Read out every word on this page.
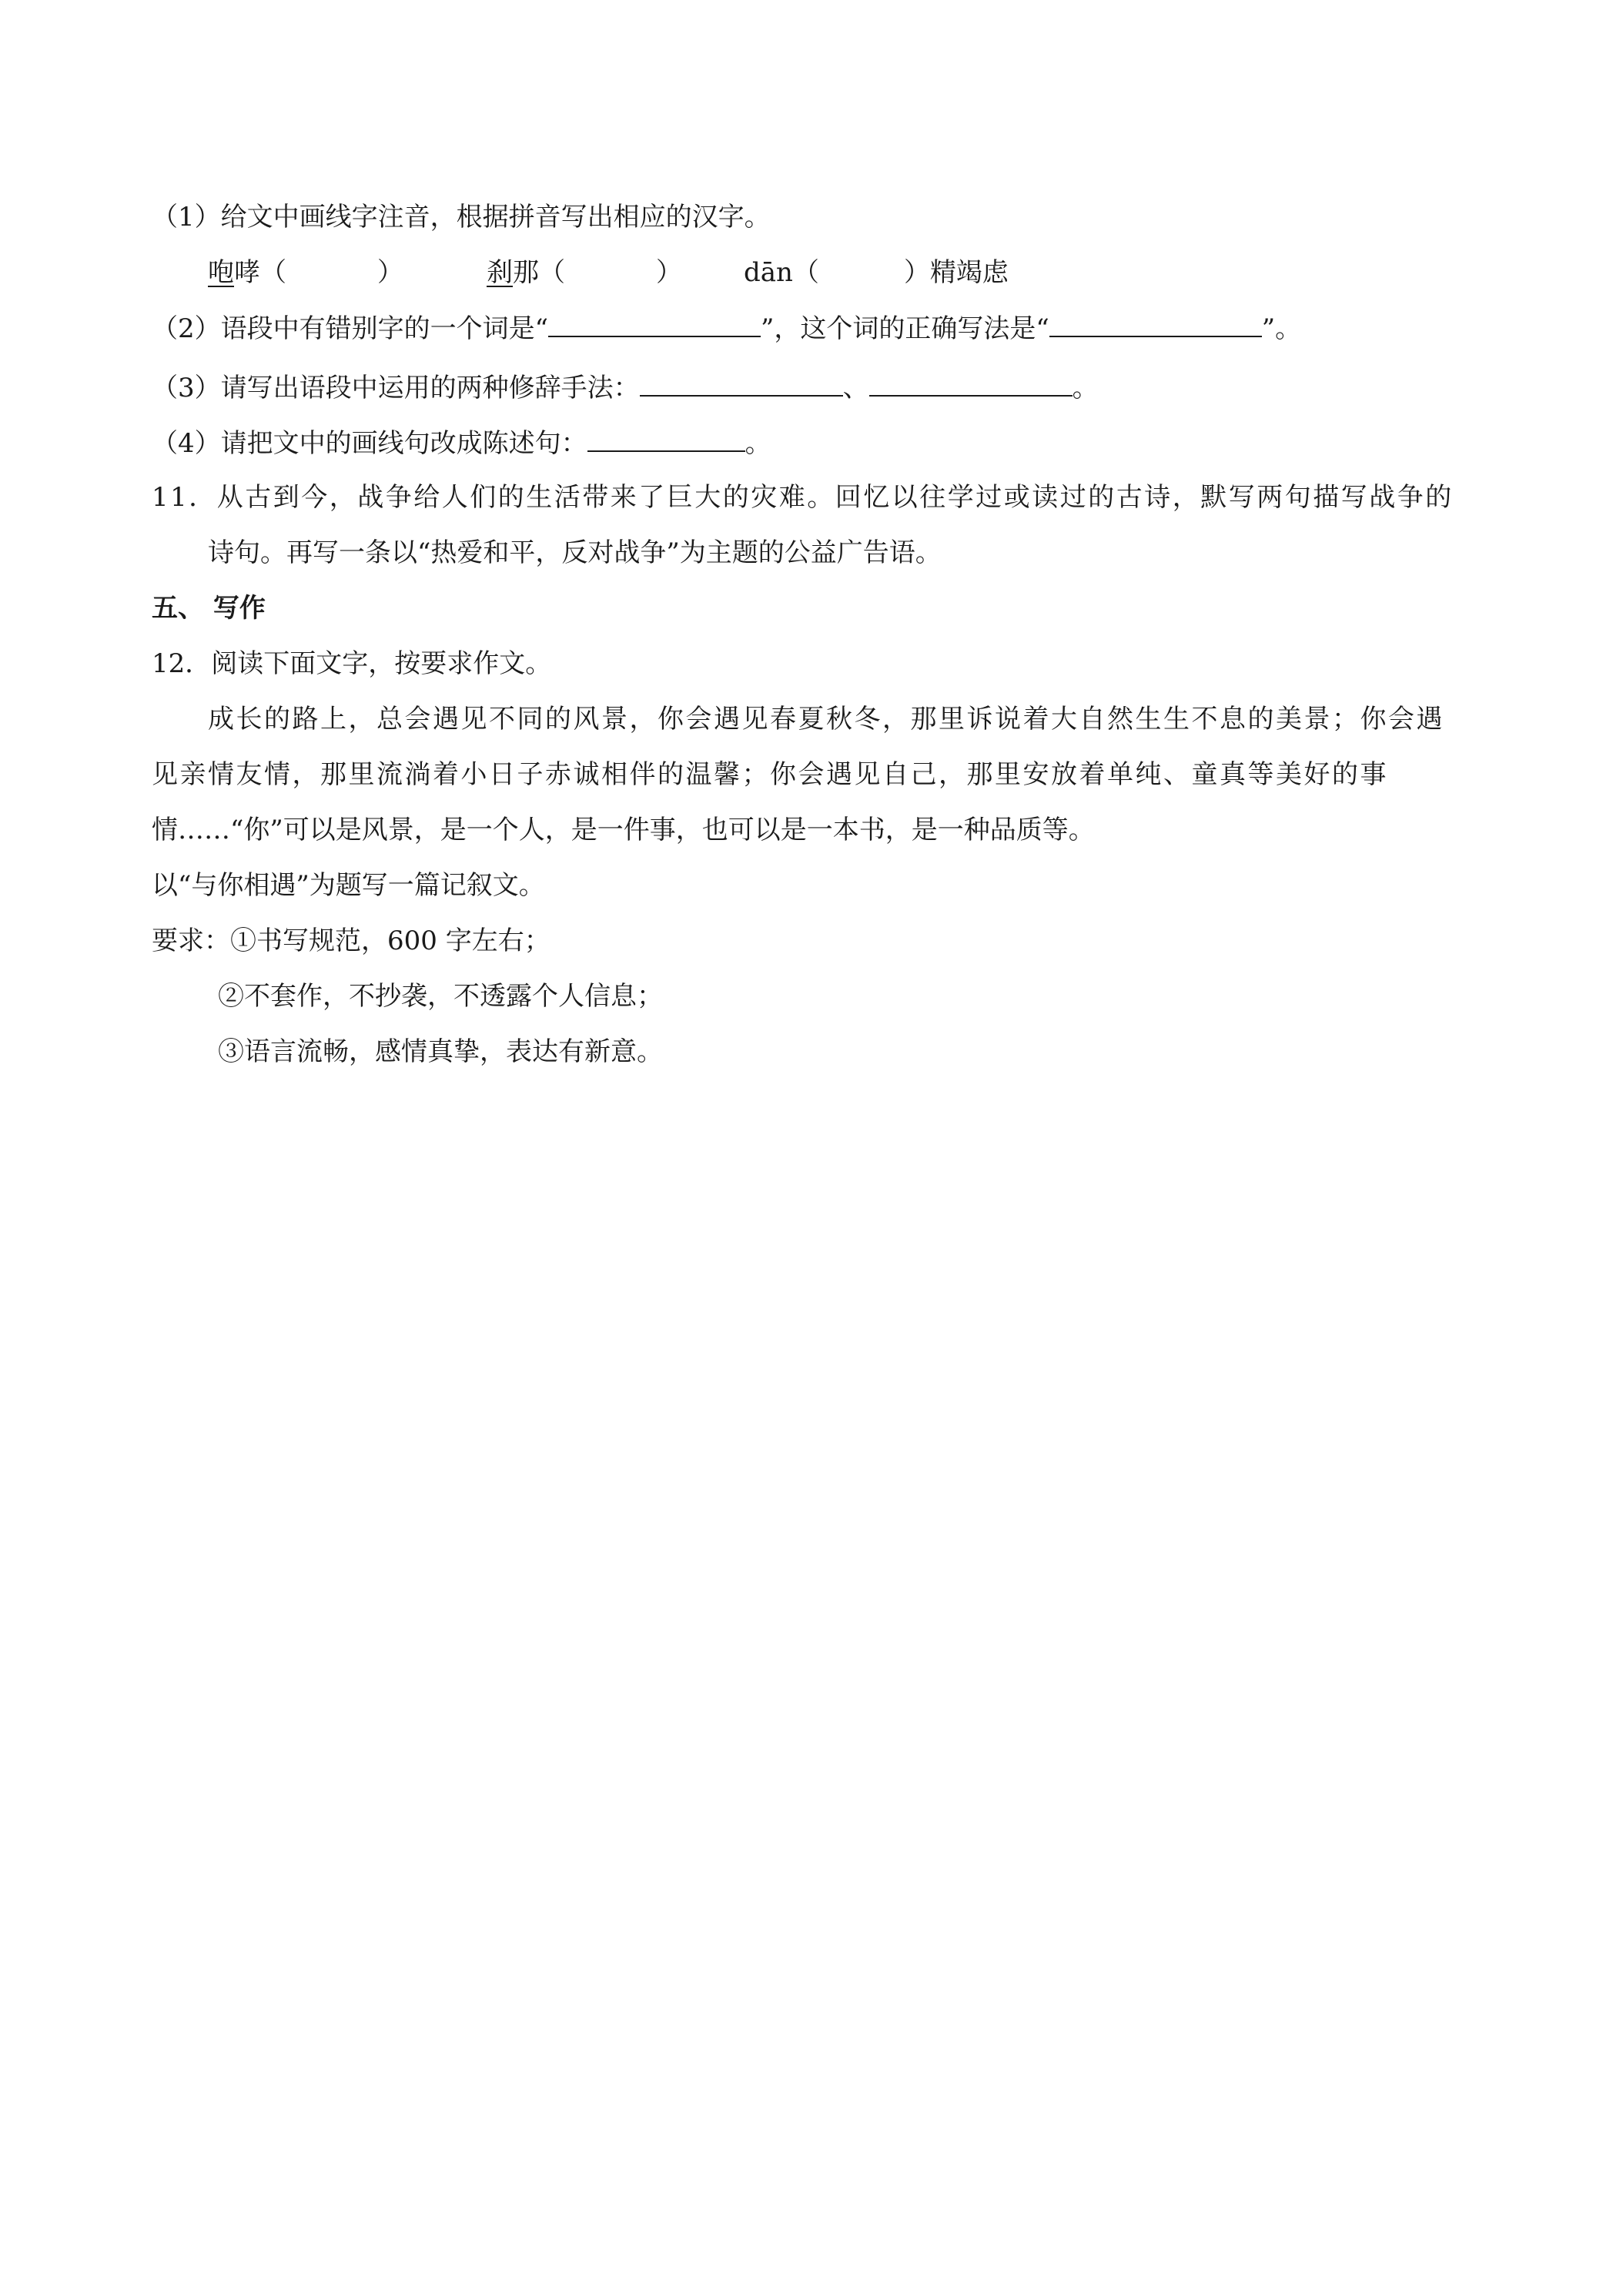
（1）给文中画线字注音，根据拼音写出相应的汉字。
咆哮（	）	刹那（	） dān（	）精竭虑
（2）语段中有错别字的一个词是“	”，这个词的正确写法是“	”。
（3）请写出语段中运用的两种修辞手法：	、	。
（4）请把文中的画线句改成陈述句：	。
11．从古到今，战争给人们的生活带来了巨大的灾难。回忆以往学过或读过的古诗，默写两句描写战争的
诗句。再写一条以“热爱和平，反对战争”为主题的公益广告语。
五、 写作
12．阅读下面文字，按要求作文。
成长的路上，总会遇见不同的风景，你会遇见春夏秋冬，那里诉说着大自然生生不息的美景；你会遇
见亲情友情，那里流淌着小日子赤诚相伴的温馨；你会遇见自己，那里安放着单纯、童真等美好的事
情……“你”可以是风景，是一个人，是一件事，也可以是一本书，是一种品质等。
以“与你相遇”为题写一篇记叙文。
要求：①书写规范，600 字左右；
②不套作，不抄袭，不透露个人信息；
③语言流畅，感情真挚，表达有新意。
